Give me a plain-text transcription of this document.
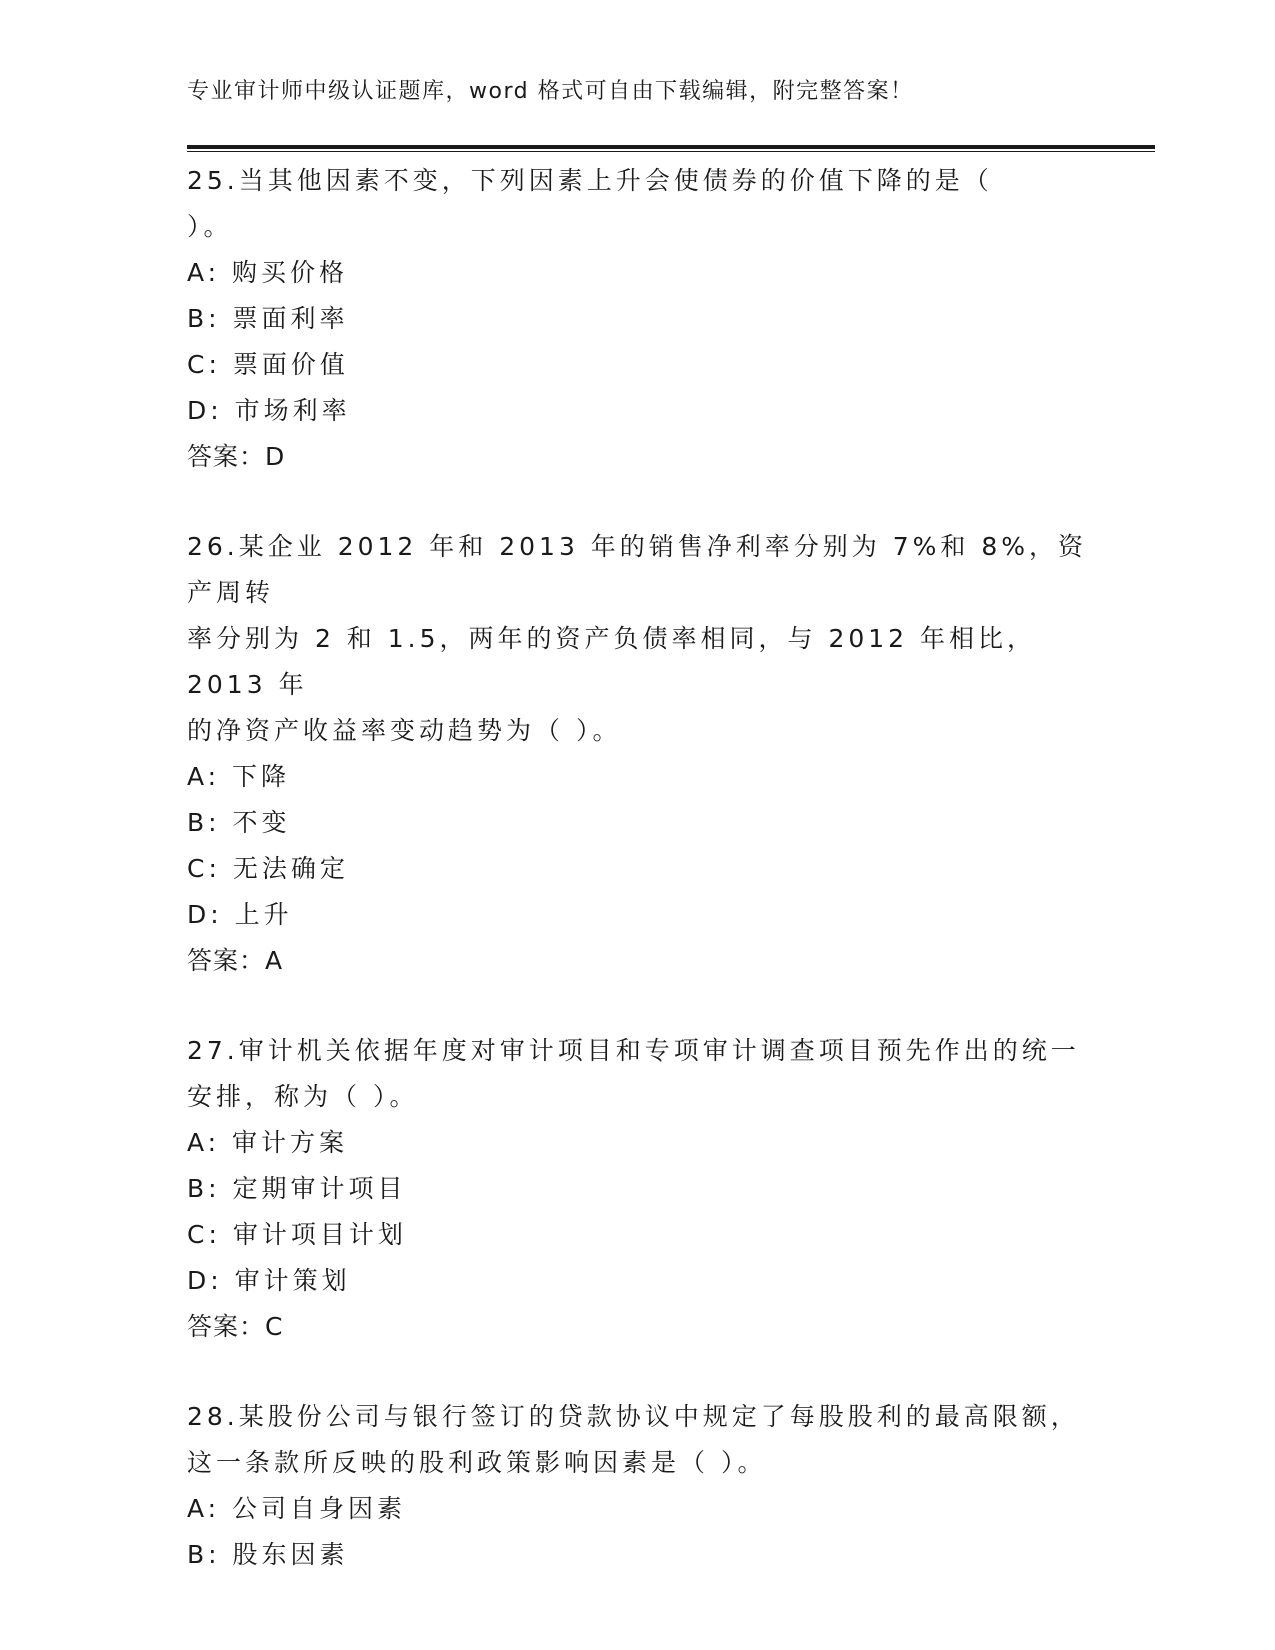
专业审计师中级认证题库，word 格式可自由下载编辑，附完整答案！
25.当其他因素不变，下列因素上升会使债券的价值下降的是（
）。
A: 购买价格
B: 票面利率
C: 票面价值
D: 市场利率
答案：D
26.某企业 2012 年和 2013 年的销售净利率分别为 7%和 8%，资产周转
率分别为 2 和 1.5，两年的资产负债率相同，与 2012 年相比，2013 年
的净资产收益率变动趋势为（ ）。
A: 下降
B: 不变
C: 无法确定
D: 上升
答案：A
27.审计机关依据年度对审计项目和专项审计调查项目预先作出的统一
安排，称为（ ）。
A: 审计方案
B: 定期审计项目
C: 审计项目计划
D: 审计策划
答案：C
28.某股份公司与银行签订的贷款协议中规定了每股股利的最高限额，
这一条款所反映的股利政策影响因素是（ ）。
A: 公司自身因素
B: 股东因素
